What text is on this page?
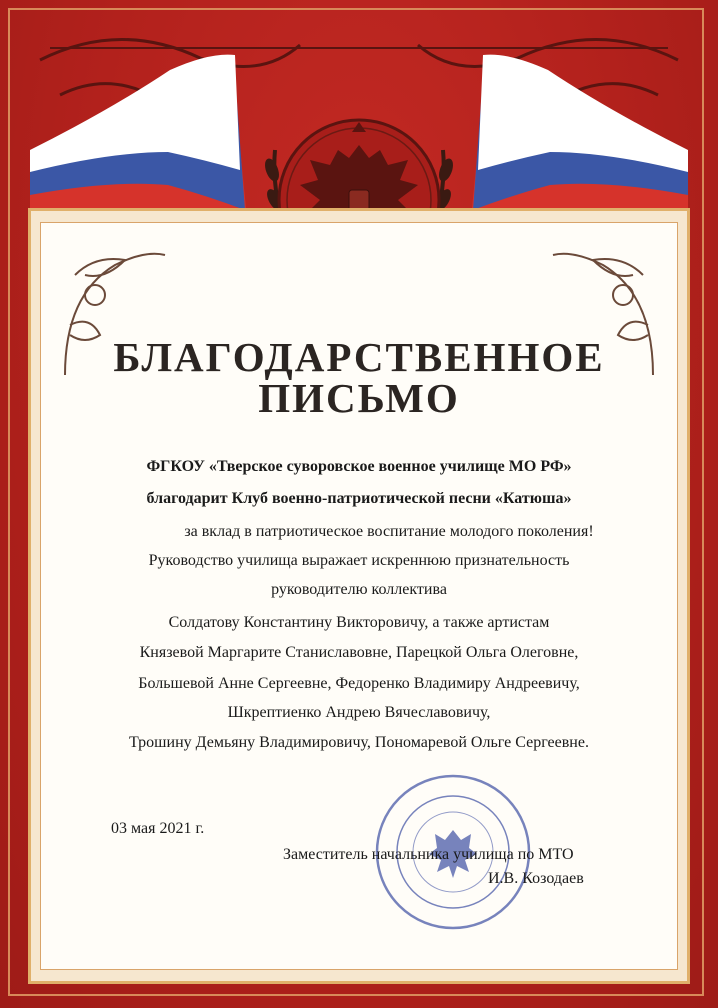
БЛАГОДАРСТВЕННОЕ
ПИСЬМО

ФГКОУ «Тверское суворовское военное училище МО РФ»

благодарит Клуб военно-патриотической песни «Катюша»

за вклад в патриотическое воспитание молодого поколения!

Руководство училища выражает искреннюю признательность

руководителю коллектива

Солдатову Константину Викторовичу, а также артистам

Князевой Маргарите Станиславовне, Парецкой Ольга Олеговне,

Большевой Анне Сергеевне, Федоренко Владимиру Андреевичу,

Шкрептиенко Андрею Вячеславовичу,

Трошину Демьяну Владимировичу, Пономаревой Ольге Сергеевне.

03 мая 2021 г.
Заместитель начальника училища по МТО
И.В. Козодаев
